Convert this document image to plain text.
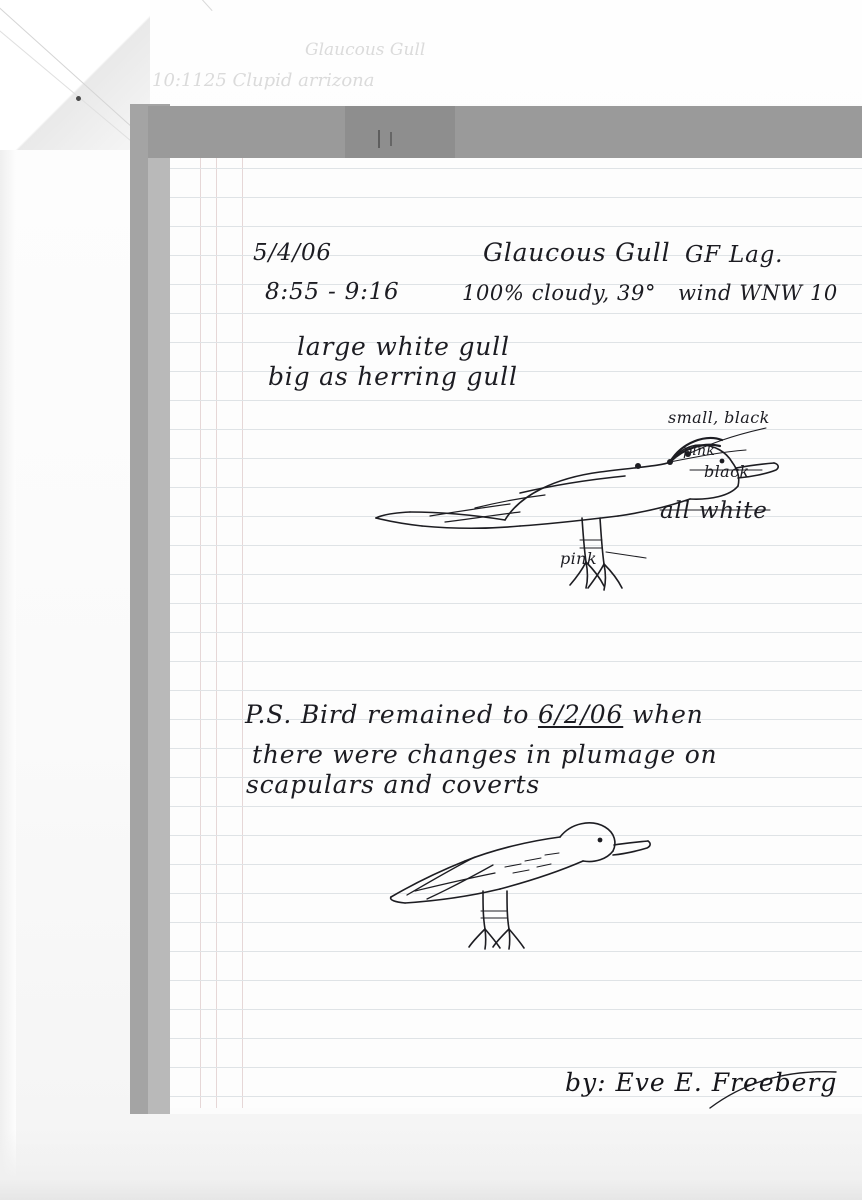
Glaucous Gull
10:1125 Clupid arrizona
5/4/06
8:55 - 9:16
Glaucous Gull GF Lag.
100% cloudy, 39° wind WNW 10
large white gull
big as herring gull
small, black
pink
black
all white
pink
P.S. Bird remained to 6/2/06 when
there were changes in plumage on
scapulars and coverts
by: Eve E. Freeberg
